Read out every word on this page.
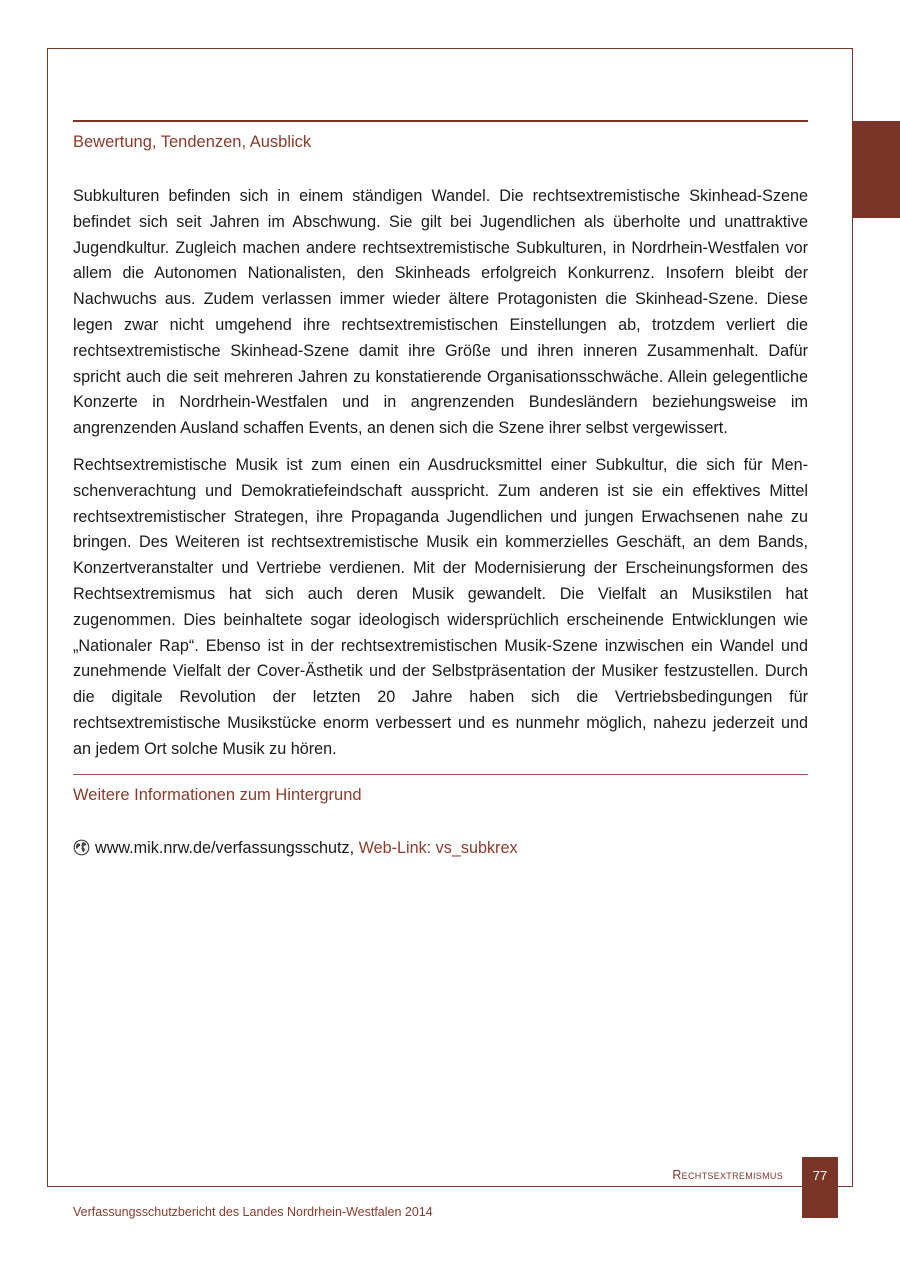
Bewertung, Tendenzen, Ausblick

Subkulturen befinden sich in einem ständigen Wandel. Die rechtsextremistische Skinhead-Szene befindet sich seit Jahren im Abschwung. Sie gilt bei Jugendlichen als überholte und unattraktive Jugendkultur. Zugleich machen andere rechtsextremistische Subkulturen, in Nordrhein-Westfalen vor allem die Autonomen Nationalisten, den Skinheads erfolgreich Konkurrenz. Insofern bleibt der Nachwuchs aus. Zudem verlassen immer wieder ältere Protagonisten die Skinhead-Szene. Diese legen zwar nicht umgehend ihre rechtsextremistischen Einstellungen ab, trotzdem verliert die rechtsextremistische Skinhead-Szene damit ihre Größe und ihren inneren Zusammenhalt. Dafür spricht auch die seit mehreren Jahren zu konstatierende Organisationsschwäche. Allein gelegentliche Konzerte in Nordrhein-Westfalen und in angrenzenden Bundesländern beziehungsweise im angrenzenden Ausland schaffen Events, an denen sich die Szene ihrer selbst vergewissert.

Rechtsextremistische Musik ist zum einen ein Ausdrucksmittel einer Subkultur, die sich für Menschenverachtung und Demokratiefeindschaft ausspricht. Zum anderen ist sie ein effektives Mittel rechtsextremistischer Strategen, ihre Propaganda Jugendlichen und jungen Erwachsenen nahe zu bringen. Des Weiteren ist rechtsextremistische Musik ein kommerzielles Geschäft, an dem Bands, Konzertveranstalter und Vertriebe verdienen. Mit der Modernisierung der Erscheinungsformen des Rechtsextremismus hat sich auch deren Musik gewandelt. Die Vielfalt an Musikstilen hat zugenommen. Dies beinhaltete sogar ideologisch widersprüchlich erscheinende Entwicklungen wie „Nationaler Rap“. Ebenso ist in der rechtsextremistischen Musik-Szene inzwischen ein Wandel und zunehmende Vielfalt der Cover-Ästhetik und der Selbstpräsentation der Musiker festzustellen. Durch die digitale Revolution der letzten 20 Jahre haben sich die Vertriebsbedingungen für rechtsextremistische Musikstücke enorm verbessert und es nunmehr möglich, nahezu jederzeit und an jedem Ort solche Musik zu hören.

Weitere Informationen zum Hintergrund
www.mik.nrw.de/verfassungsschutz,
Web-Link: vs_subkrex
Rechtsextremismus	77
Verfassungsschutzbericht des Landes Nordrhein-Westfalen 2014
